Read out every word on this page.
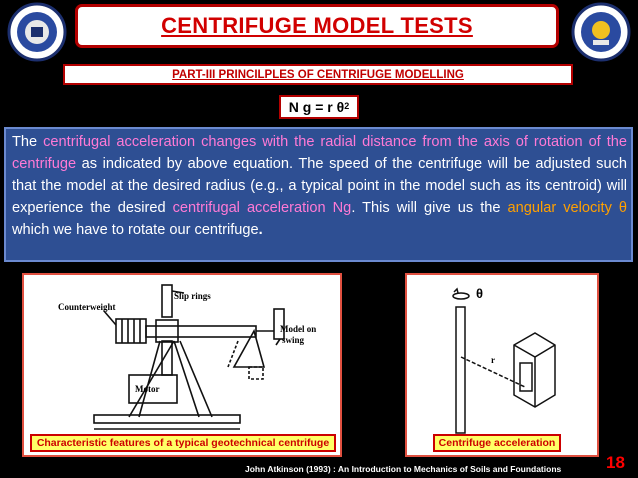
CENTRIFUGE MODEL TESTS
PART-III PRINCILPLES OF CENTRIFUGE MODELLING
N g = r $\theta^2$
The centrifugal acceleration changes with the radial distance from the axis of rotation of the centrifuge as indicated by above equation. The speed of the centrifuge will be adjusted such that the model at the desired radius (e.g., a typical point in the model such as its centroid) will experience the desired centrifugal acceleration Ng. This will give us the angular velocity θ which we have to rotate our centrifuge.
Slip rings
Counterweight
Model on
swing
Motor
Characteristic features of a typical geotechnical centrifuge
r
θ
Centrifuge acceleration
John Atkinson (1993) : An Introduction to Mechanics of Soils and Foundations	18
